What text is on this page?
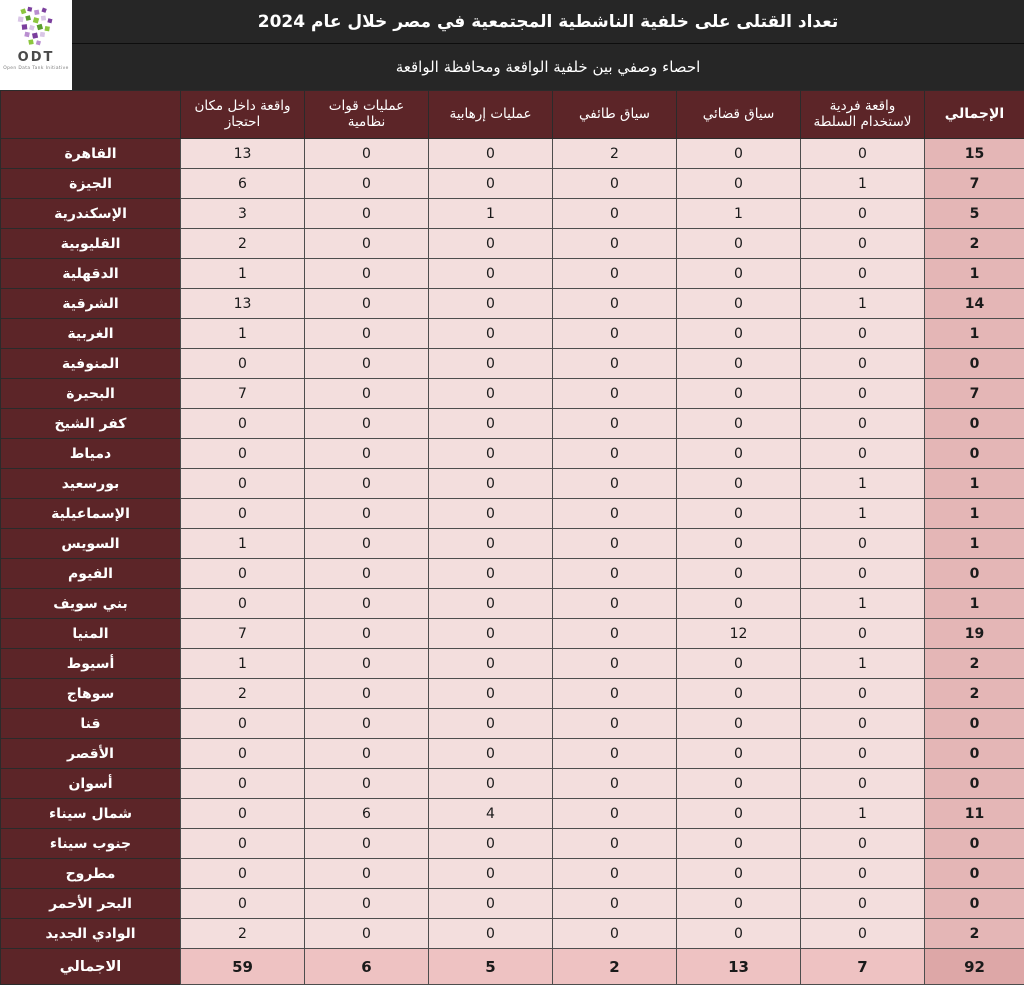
تعداد القتلى على خلفية الناشطية المجتمعية في مصر خلال عام 2024
احصاء وصفي بين خلفية الواقعة ومحافظة الواقعة
ODT
Open Data Tank Initiative
الإجمالي	واقعة فردية لاستخدام السلطة	سياق قضائي	سياق طائفي	عمليات إرهابية	عمليات قوات نظامية	واقعة داخل مكان احتجاز	
15	0	0	2	0	0	13	القاهرة
7	1	0	0	0	0	6	الجيزة
5	0	1	0	1	0	3	الإسكندرية
2	0	0	0	0	0	2	القليوبية
1	0	0	0	0	0	1	الدقهلية
14	1	0	0	0	0	13	الشرقية
1	0	0	0	0	0	1	الغربية
0	0	0	0	0	0	0	المنوفية
7	0	0	0	0	0	7	البحيرة
0	0	0	0	0	0	0	كفر الشيخ
0	0	0	0	0	0	0	دمياط
1	1	0	0	0	0	0	بورسعيد
1	1	0	0	0	0	0	الإسماعيلية
1	0	0	0	0	0	1	السويس
0	0	0	0	0	0	0	الفيوم
1	1	0	0	0	0	0	بني سويف
19	0	12	0	0	0	7	المنيا
2	1	0	0	0	0	1	أسيوط
2	0	0	0	0	0	2	سوهاج
0	0	0	0	0	0	0	قنا
0	0	0	0	0	0	0	الأقصر
0	0	0	0	0	0	0	أسوان
11	1	0	0	4	6	0	شمال سيناء
0	0	0	0	0	0	0	جنوب سيناء
0	0	0	0	0	0	0	مطروح
0	0	0	0	0	0	0	البحر الأحمر
2	0	0	0	0	0	2	الوادي الجديد
92	7	13	2	5	6	59	الاجمالي
